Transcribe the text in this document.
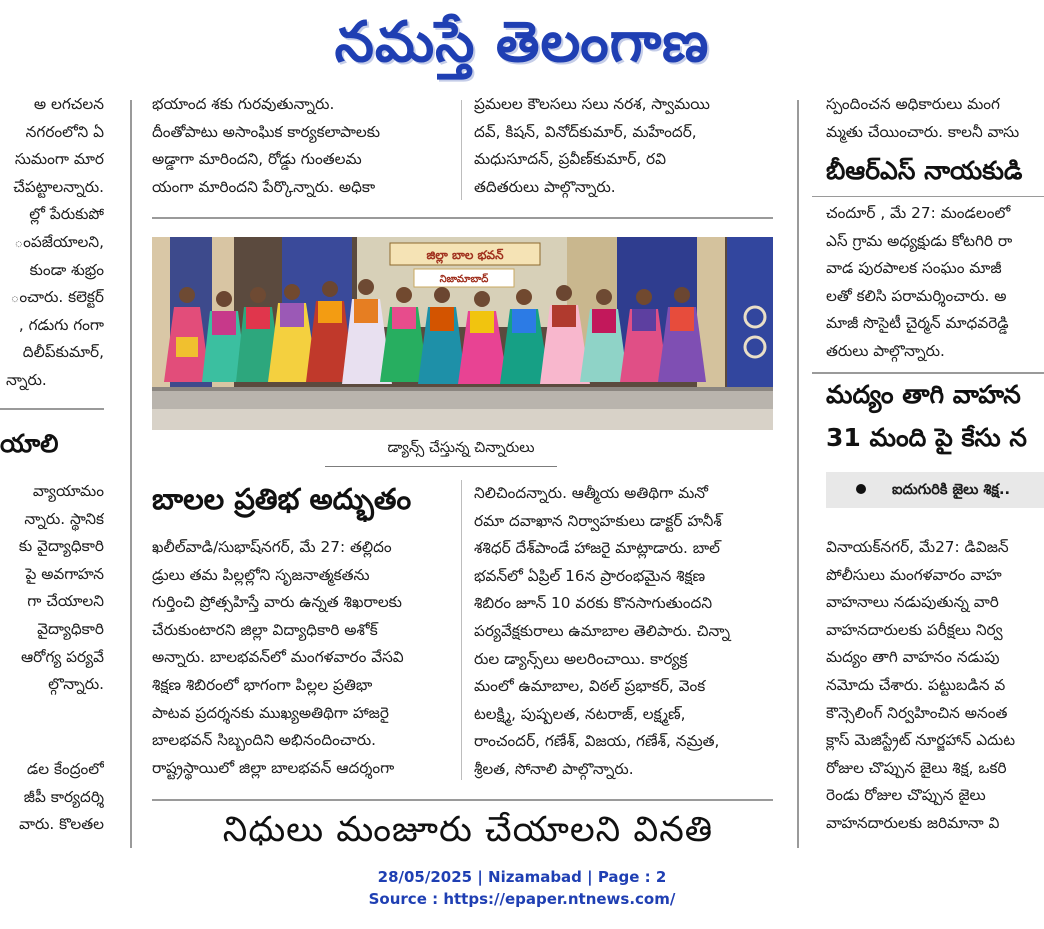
నమస్తే తెలంగాణ
అ లగచలన
నగరంలోని ఏ
సుమంగా మార
చేపట్టాలన్నారు.
ల్లో పేరుకుపో
ంపజేయాలని,
కుండా శుభ్రం
ంచారు. కలెక్టర్
, గడుగు గంగా
దిలీప్‌కుమార్,
న్నారు.
యాలి
వ్యాయామం
న్నారు. స్థానిక
కు వైద్యాధికారి
పై అవగాహన
గా చేయాలని
వైద్యాధికారి
ఆరోగ్య పర్యవే
ల్గొన్నారు.
డల కేంద్రంలో
జీపీ కార్యదర్శి
వారు. కొలతల
భయాంద శకు గురవుతున్నారు.
దీంతోపాటు అసాంఘిక కార్యకలాపాలకు
అడ్డాగా మారిందని, రోడ్డు గుంతలమ
యంగా మారిందని పేర్కొన్నారు. అధికా
ప్రమలల కౌలసలు సలు నరశ, స్వామయి
దవ్, కిషన్, వినోద్‌కుమార్, మహేందర్,
మధుసూదన్, ప్రవీణ్‌కుమార్, రవి
తదితరులు పాల్గొన్నారు.
జిల్లా బాల భవన్
నిజామాబాద్
డ్యాన్స్ చేస్తున్న చిన్నారులు
బాలల ప్రతిభ అద్భుతం
ఖలీల్‌వాడి/సుభాష్‌నగర్, మే 27: తల్లిదం
డ్రులు తమ పిల్లల్లోని సృజనాత్మకతను
గుర్తించి ప్రోత్సహిస్తే వారు ఉన్నత శిఖరాలకు
చేరుకుంటారని జిల్లా విద్యాధికారి అశోక్
అన్నారు. బాలభవన్‌లో మంగళవారం వేసవి
శిక్షణ శిబిరంలో భాగంగా పిల్లల ప్రతిభా
పాటవ ప్రదర్శనకు ముఖ్యఅతిథిగా హాజరై
బాలభవన్ సిబ్బందిని అభినందించారు.
రాష్ట్రస్థాయిలో జిల్లా బాలభవన్ ఆదర్శంగా
నిలిచిందన్నారు. ఆత్మీయ అతిథిగా మనో
రమా దవాఖాన నిర్వాహకులు డాక్టర్ హనీశ్
శశిధర్ దేశ్‌పాండే హాజరై మాట్లాడారు. బాల్
భవన్‌లో ఏప్రిల్ 16న ప్రారంభమైన శిక్షణ
శిబిరం జూన్ 10 వరకు కొనసాగుతుందని
పర్యవేక్షకురాలు ఉమాబాల తెలిపారు. చిన్నా
రుల డ్యాన్స్‌లు అలరించాయి. కార్యక్ర
మంలో ఉమాబాల, విఠల్ ప్రభాకర్, వెంక
టలక్ష్మి, పుష్పలత, నటరాజ్, లక్ష్మణ్,
రాంచందర్, గణేశ్, విజయ, గణేశ్, నమ్రత,
శ్రీలత, సోనాలి పాల్గొన్నారు.
నిధులు మంజూరు చేయాలని వినతి
స్పందించన అధికారులు మంగ
మ్మతు చేయించారు. కాలనీ వాసు
బీఆర్ఎస్ నాయకుడి
చందూర్ , మే 27: మండలంలో
ఎస్ గ్రామ అధ్యక్షుడు కోటగిరి రా
వాడ పురపాలక సంఘం మాజీ
లతో కలిసి పరామర్శించారు. అ
మాజీ సొసైటీ చైర్మన్ మాధవరెడ్డి
తరులు పాల్గొన్నారు.
మద్యం తాగి వాహన
31 మంది పై కేసు న
ఐదుగురికి జైలు శిక్ష..
వినాయక్‌నగర్, మే27: డివిజన్
పోలీసులు మంగళవారం వాహ
వాహనాలు నడుపుతున్న వారి
వాహనదారులకు పరీక్షలు నిర్వ
మద్యం తాగి వాహనం నడుపు
నమోదు చేశారు. పట్టుబడిన వ
కౌన్సెలింగ్ నిర్వహించిన అనంత
క్లాస్ మెజిస్ట్రేట్ నూర్జహాన్ ఎదుట
రోజుల చొప్పున జైలు శిక్ష, ఒకరి
రెండు రోజుల చొప్పున జైలు
వాహనదారులకు జరిమానా వి
28/05/2025 | Nizamabad | Page : 2
Source : https://epaper.ntnews.com/
